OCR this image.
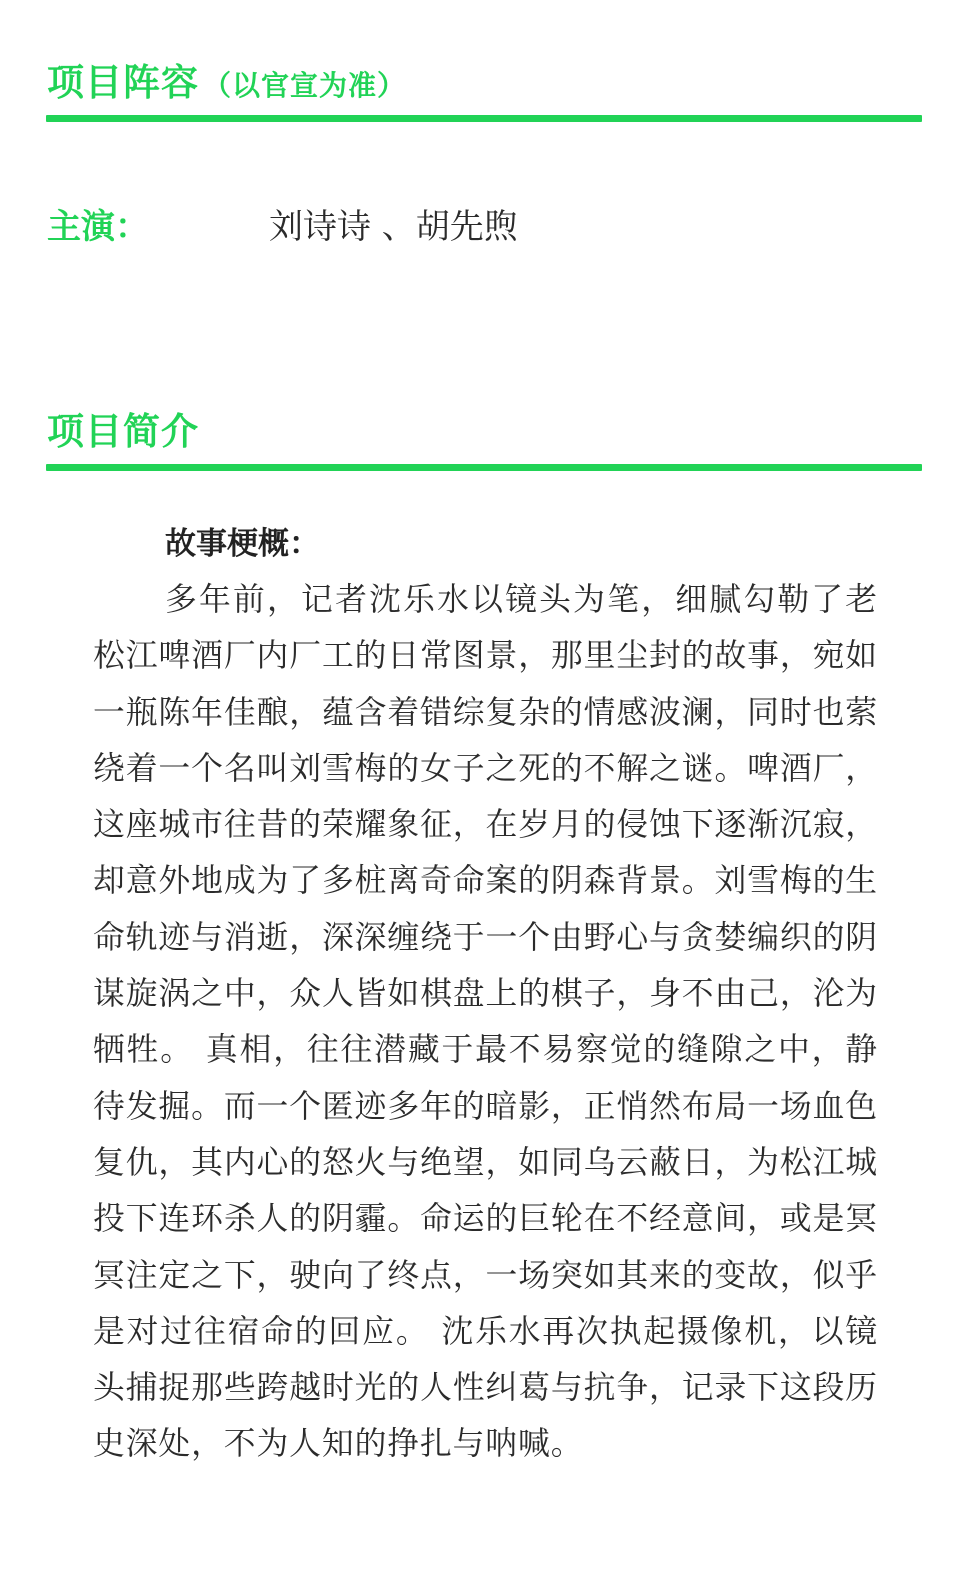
项目阵容 （以官宣为准）
主演：	刘诗诗 、胡先煦
项目简介
故事梗概：

多年前，记者沈乐水以镜头为笔，细腻勾勒了老松江啤酒厂内厂工的日常图景，那里尘封的故事，宛如一瓶陈年佳酿，蕴含着错综复杂的情感波澜，同时也萦绕着一个名叫刘雪梅的女子之死的不解之谜。啤酒厂，这座城市往昔的荣耀象征，在岁月的侵蚀下逐渐沉寂，却意外地成为了多桩离奇命案的阴森背景。刘雪梅的生命轨迹与消逝，深深缠绕于一个由野心与贪婪编织的阴谋旋涡之中，众人皆如棋盘上的棋子，身不由己，沦为牺牲。 真相，往往潜藏于最不易察觉的缝隙之中，静待发掘。而一个匿迹多年的暗影，正悄然布局一场血色复仇，其内心的怒火与绝望，如同乌云蔽日，为松江城投下连环杀人的阴霾。命运的巨轮在不经意间，或是冥冥注定之下，驶向了终点，一场突如其来的变故，似乎是对过往宿命的回应。 沈乐水再次执起摄像机，以镜头捕捉那些跨越时光的人性纠葛与抗争，记录下这段历史深处，不为人知的挣扎与呐喊。
